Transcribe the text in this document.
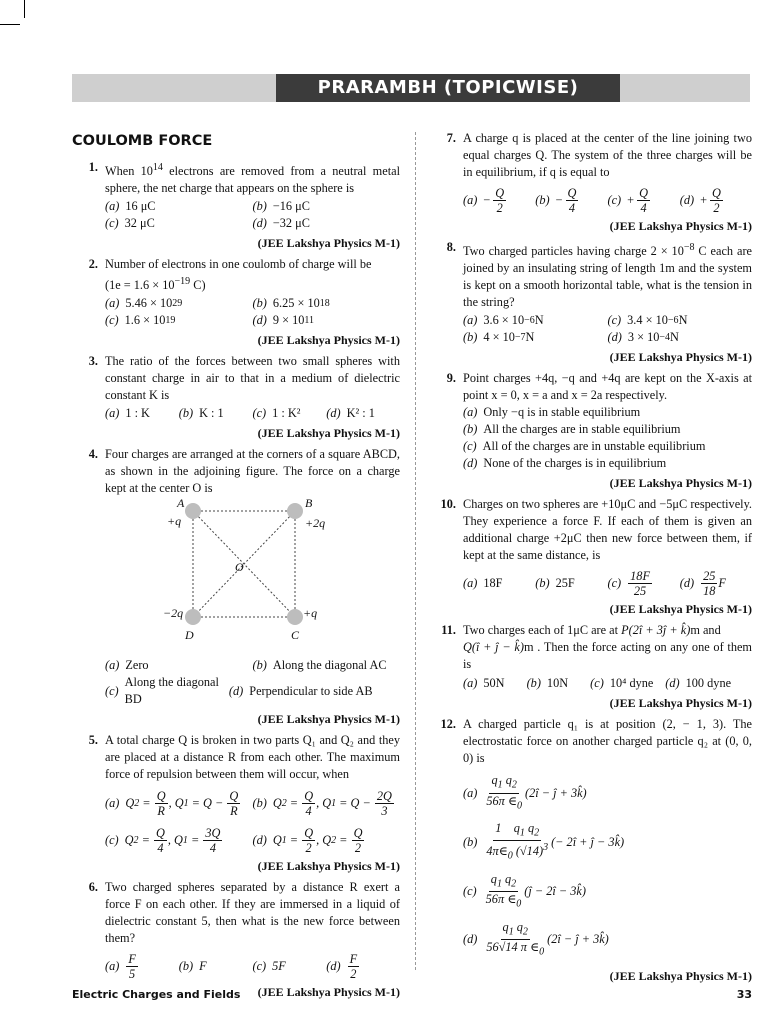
PRARAMBH (TOPICWISE)
COULOMB FORCE
1. When $10^{14}$ electrons are removed from a neutral metal sphere, the net charge that appears on the sphere is
(a) 16 μC	(b) −16 μC
(c) 32 μC	(d) −32 μC
(JEE Lakshya Physics M-1)
2. Number of electrons in one coulomb of charge will be
($1e = 1.6 \times 10^{-19}$ C)
(a) 5.46 × 10 29	(b) 6.25 × 10 18
(c) 1.6 × 10 19	(d) 9 × 10 11
(JEE Lakshya Physics M-1)
3. The ratio of the forces between two small spheres with constant charge in air to that in a medium of dielectric constant K is
(a) 1 : K (b) K : 1 (c) 1 : K² (d) K² : 1
(JEE Lakshya Physics M-1)
4. Four charges are arranged at the corners of a square ABCD, as shown in the adjoining figure. The force on a charge kept at the center O is
A
+q
B
+2q
O
−2q
D
+q
C
(a) Zero	(b) Along the diagonal AC
(c)
Along the diagonal BD
(d) Perpendicular to side AB
(JEE Lakshya Physics M-1)
5. A total charge Q is broken in two parts Q₁ and Q₂ and they are placed at a distance R from each other. The maximum force of repulsion between them will occur, when
(a) Q $2 = \frac{Q}{R}$ , Q $1 = Q - \frac{Q}{R} (b)$ Q $2 = \frac{Q}{4}$ , Q $1 = Q - \frac{2Q}{3}$
(c) Q $2 = \frac{Q}{4}$ , Q $1 = \frac{3Q}{4} (d)$ Q $1 = \frac{Q}{2}$ , Q $2 = \frac{Q}{2}$
(JEE Lakshya Physics M-1)
6. Two charged spheres separated by a distance R exert a force F on each other. If they are immersed in a liquid of dielectric constant 5, then what is the new force between them?
$(a) \frac{F}{5}$	(b) F	(c) 5F	$(d) \frac{F}{2}$
(JEE Lakshya Physics M-1)
7. A charge q is placed at the center of the line joining two equal charges Q. The system of the three charges will be in equilibrium, if q is equal to
$(a) - \frac{Q}{2} (b) - \frac{Q}{4} (c) + \frac{Q}{4} (d) + \frac{Q}{2}$
(JEE Lakshya Physics M-1)
8. Two charged particles having charge $2 \times 10^{-8}$ C each are joined by an insulating string of length 1m and the system is kept on a smooth horizontal table, what is the tension in the string?
(a) 3.6 × 10 −6 N	(c) 3.4 × 10 −6 N
(b) 4 × 10 −7 N	(d) 3 × 10 −4 N
(JEE Lakshya Physics M-1)
9. Point charges +4q, −q and +4q are kept on the X-axis at point x = 0, x = a and x = 2a respectively.
(a) Only −q is in stable equilibrium
(b) All the charges are in stable equilibrium
(c) All of the charges are in unstable equilibrium
(d) None of the charges is in equilibrium
(JEE Lakshya Physics M-1)
10. Charges on two spheres are +10μC and −5μC respectively. They experience a force F. If each of them is given an additional charge +2μC then new force between them, if kept at the same distance, is
(a) 18F	(b) 25F	$(c) \frac{18F}{25} (d) \frac{25}{18}$ F
(JEE Lakshya Physics M-1)
11. Two charges each of 1μC are at P(2î + 3ĵ + k̂)m and
Q(î + ĵ − k̂)m . Then the force acting on any one of them is
(a) 50N (b) 10N (c) 10⁴ dyne (d) 100 dyne
(JEE Lakshya Physics M-1)
12. A charged particle q₁ is at position (2, − 1, 3). The electrostatic force on another charged particle q₂ at (0, 0, 0) is
$(a) \frac{q_1 q_2}{56\pi \in_0}$ (2î − ĵ + 3k̂)
$(b) \frac{1 q_1 q_2}{4\pi\in_0 (√14)^3}$ (− 2î + ĵ − 3k̂)
$(c) \frac{q_1 q_2}{56\pi \in_0}$ (ĵ − 2î − 3k̂)
$(d) \frac{q_1 q_2}{56√14 \pi \in_0}$ (2î − ĵ + 3k̂)
(JEE Lakshya Physics M-1)
Electric Charges and Fields	33
